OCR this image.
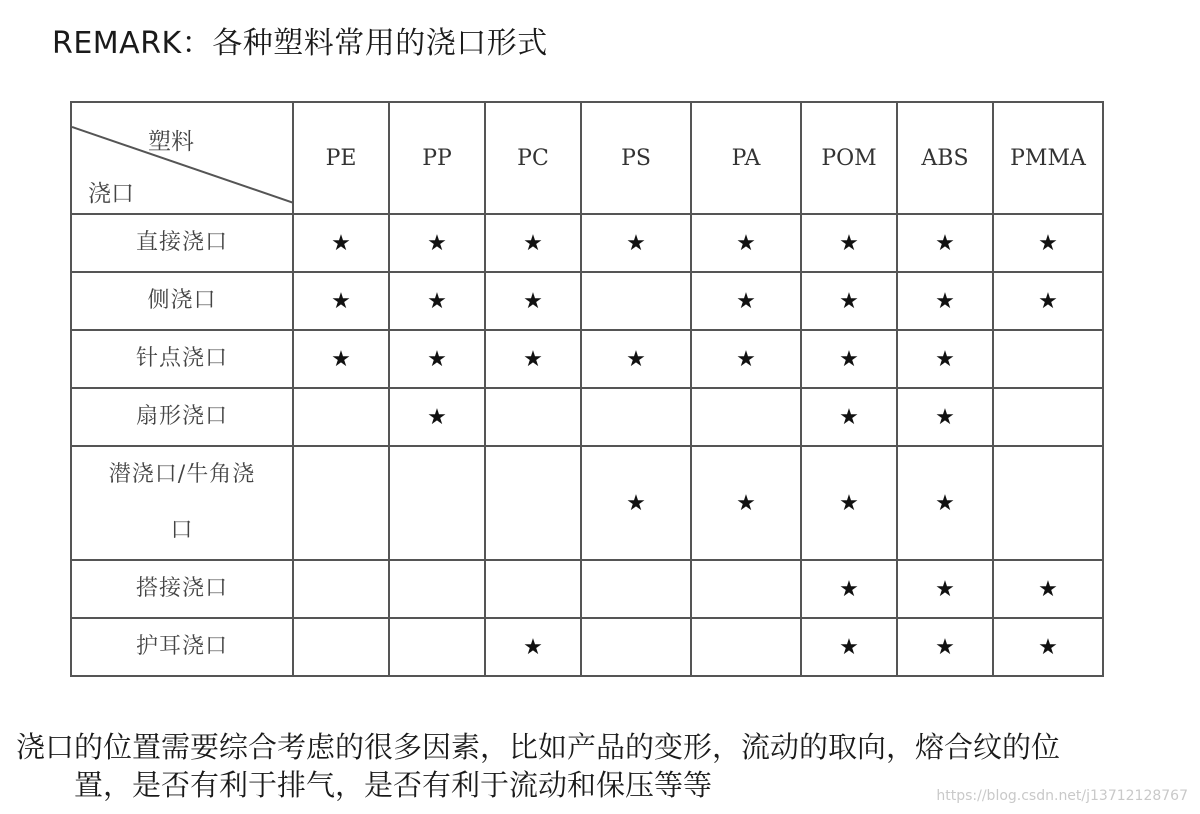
REMARK：各种塑料常用的浇口形式
塑料
浇口	PE	PP	PC	PS	PA	POM	ABS	PMMA
直接浇口	★	★	★	★	★	★	★	★
侧浇口	★	★	★		★	★	★	★
针点浇口	★	★	★	★	★	★	★	
扇形浇口		★				★	★	
潜浇口/牛角浇
口				★	★	★	★	
搭接浇口						★	★	★
护耳浇口			★			★	★	★
浇口的位置需要综合考虑的很多因素，比如产品的变形，流动的取向，熔合纹的位
置，是否有利于排气，是否有利于流动和保压等等	https://blog.csdn.net/j13712128767
